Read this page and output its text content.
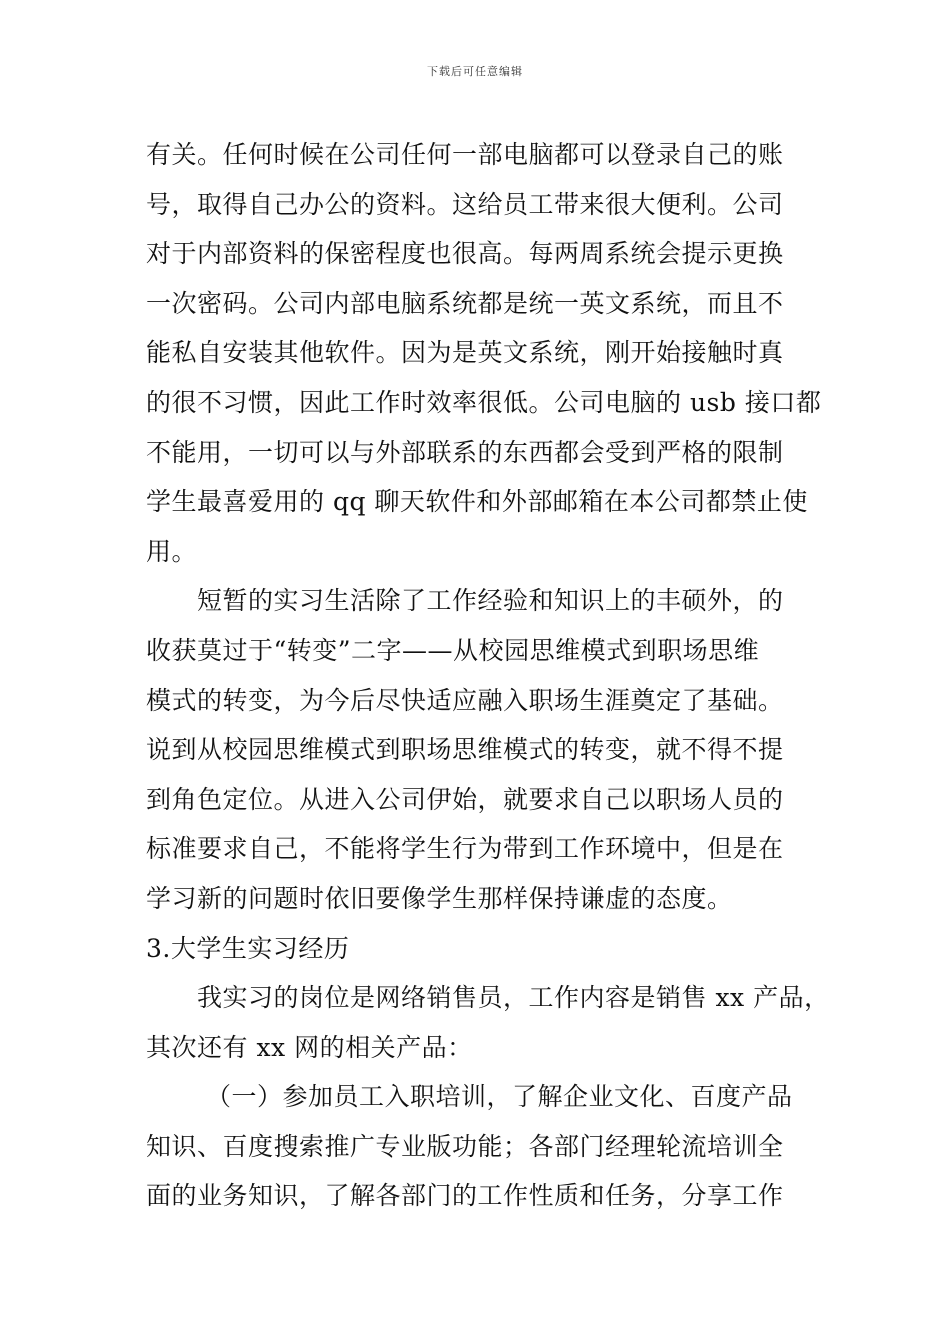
下载后可任意编辑
有关。任何时候在公司任何一部电脑都可以登录自己的账
号，取得自己办公的资料。这给员工带来很大便利。公司
对于内部资料的保密程度也很高。每两周系统会提示更换
一次密码。公司内部电脑系统都是统一英文系统，而且不
能私自安装其他软件。因为是英文系统，刚开始接触时真
的很不习惯，因此工作时效率很低。公司电脑的 usb 接口都
不能用，一切可以与外部联系的东西都会受到严格的限制
学生最喜爱用的 qq 聊天软件和外部邮箱在本公司都禁止使
用。
短暂的实习生活除了工作经验和知识上的丰硕外，的
收获莫过于“转变”二字——从校园思维模式到职场思维
模式的转变，为今后尽快适应融入职场生涯奠定了基础。
说到从校园思维模式到职场思维模式的转变，就不得不提
到角色定位。从进入公司伊始，就要求自己以职场人员的
标准要求自己，不能将学生行为带到工作环境中，但是在
学习新的问题时依旧要像学生那样保持谦虚的态度。
3.大学生实习经历
我实习的岗位是网络销售员，工作内容是销售 xx 产品，
其次还有 xx 网的相关产品：
（一）参加员工入职培训，了解企业文化、百度产品
知识、百度搜索推广专业版功能；各部门经理轮流培训全
面的业务知识，了解各部门的工作性质和任务，分享工作
